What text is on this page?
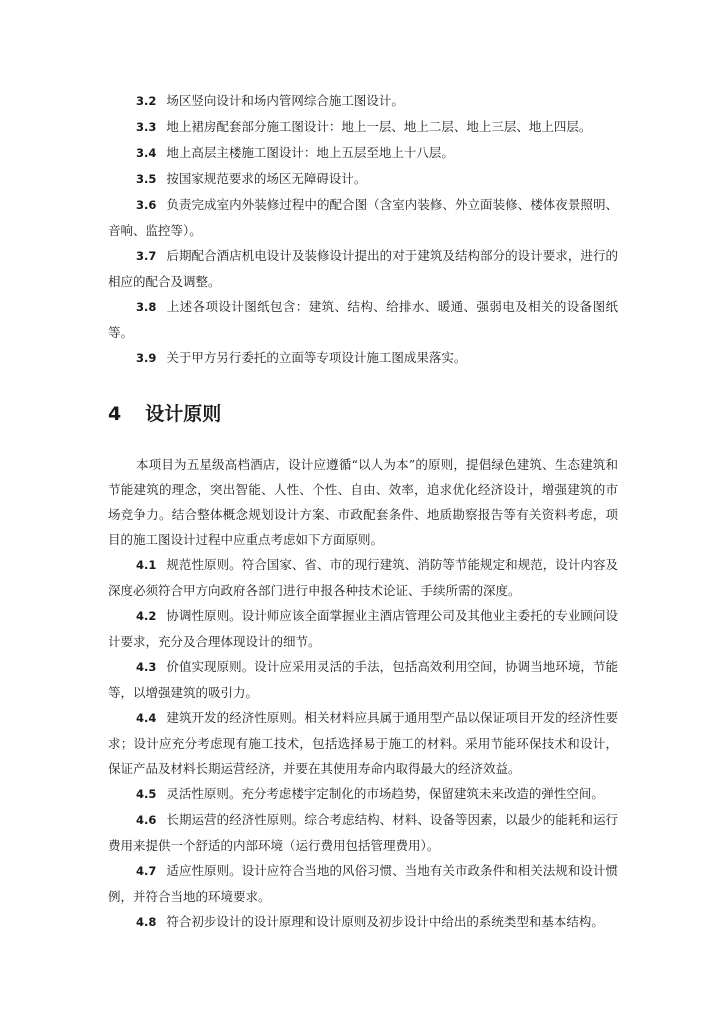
3.2 场区竖向设计和场内管网综合施工图设计。

3.3 地上裙房配套部分施工图设计：地上一层、地上二层、地上三层、地上四层。

3.4 地上高层主楼施工图设计：地上五层至地上十八层。

3.5 按国家规范要求的场区无障碍设计。

3.6 负责完成室内外装修过程中的配合图（含室内装修、外立面装修、楼体夜景照明、音响、监控等）。

3.7 后期配合酒店机电设计及装修设计提出的对于建筑及结构部分的设计要求，进行的相应的配合及调整。

3.8 上述各项设计图纸包含：建筑、结构、给排水、暖通、强弱电及相关的设备图纸等。

3.9 关于甲方另行委托的立面等专项设计施工图成果落实。

4 设计原则

本项目为五星级高档酒店，设计应遵循“以人为本”的原则，提倡绿色建筑、生态建筑和节能建筑的理念，突出智能、人性、个性、自由、效率，追求优化经济设计，增强建筑的市场竞争力。结合整体概念规划设计方案、市政配套条件、地质勘察报告等有关资料考虑，项目的施工图设计过程中应重点考虑如下方面原则。

4.1 规范性原则。符合国家、省、市的现行建筑、消防等节能规定和规范，设计内容及深度必须符合甲方向政府各部门进行申报各种技术论证、手续所需的深度。

4.2 协调性原则。设计师应该全面掌握业主酒店管理公司及其他业主委托的专业顾问设计要求，充分及合理体现设计的细节。

4.3 价值实现原则。设计应采用灵活的手法，包括高效利用空间，协调当地环境，节能等，以增强建筑的吸引力。

4.4 建筑开发的经济性原则。相关材料应具属于通用型产品以保证项目开发的经济性要求；设计应充分考虑现有施工技术，包括选择易于施工的材料。采用节能环保技术和设计，保证产品及材料长期运营经济，并要在其使用寿命内取得最大的经济效益。

4.5 灵活性原则。充分考虑楼宇定制化的市场趋势，保留建筑未来改造的弹性空间。

4.6 长期运营的经济性原则。综合考虑结构、材料、设备等因素，以最少的能耗和运行费用来提供一个舒适的内部环境（运行费用包括管理费用）。

4.7 适应性原则。设计应符合当地的风俗习惯、当地有关市政条件和相关法规和设计惯例，并符合当地的环境要求。

4.8 符合初步设计的设计原理和设计原则及初步设计中给出的系统类型和基本结构。
